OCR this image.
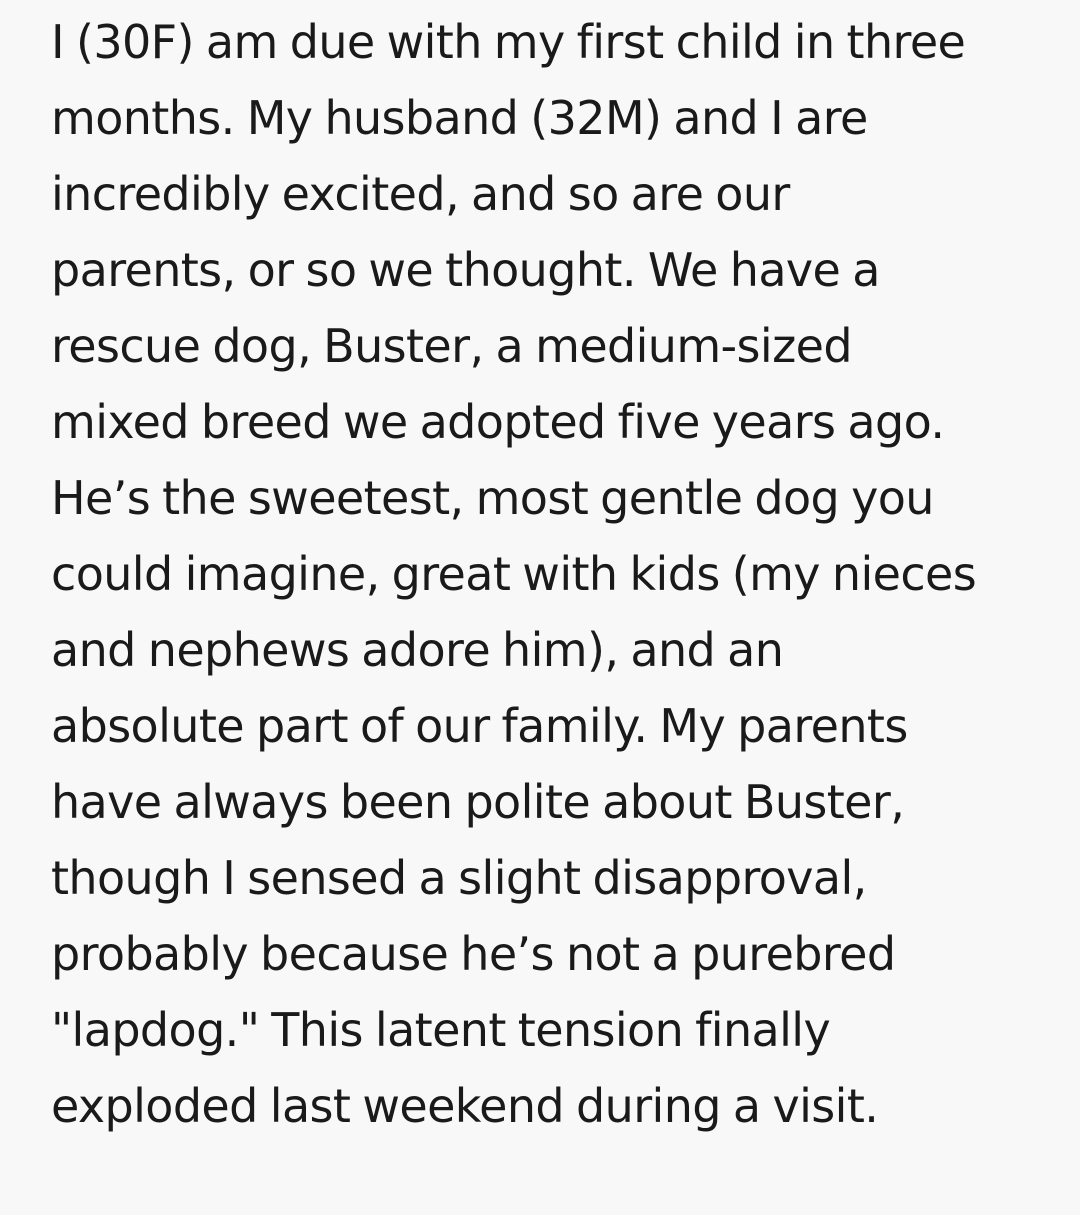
I (30F) am due with my first child in three
months. My husband (32M) and I are
incredibly excited, and so are our
parents, or so we thought. We have a
rescue dog, Buster, a medium-sized
mixed breed we adopted five years ago.
He’s the sweetest, most gentle dog you
could imagine, great with kids (my nieces
and nephews adore him), and an
absolute part of our family. My parents
have always been polite about Buster,
though I sensed a slight disapproval,
probably because he’s not a purebred
"lapdog." This latent tension finally
exploded last weekend during a visit.
